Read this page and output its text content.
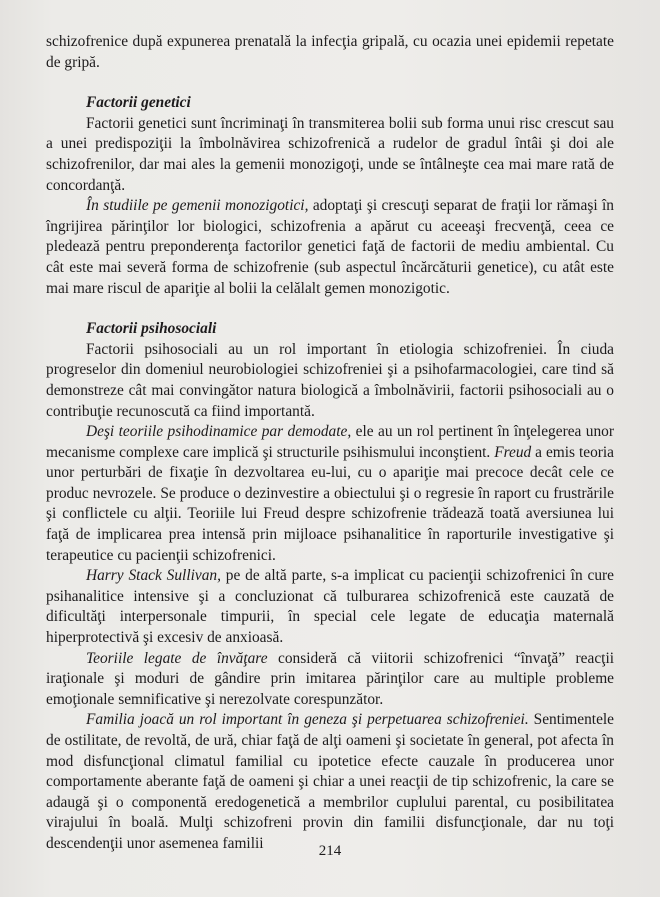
schizofrenice după expunerea prenatală la infecţia gripală, cu ocazia unei epidemii repetate de gripă.

Factorii genetici

Factorii genetici sunt încriminaţi în transmiterea bolii sub forma unui risc crescut sau a unei predispoziţii la îmbolnăvirea schizofrenică a rudelor de gradul întâi şi doi ale schizofrenilor, dar mai ales la gemenii monozigoţi, unde se întâlneşte cea mai mare rată de concordanţă.

În studiile pe gemenii monozigotici, adoptaţi şi crescuţi separat de fraţii lor rămaşi în îngrijirea părinţilor lor biologici, schizofrenia a apărut cu aceeaşi frecvenţă, ceea ce pledează pentru preponderenţa factorilor genetici faţă de factorii de mediu ambiental. Cu cât este mai severă forma de schizofrenie (sub aspectul încărcăturii genetice), cu atât este mai mare riscul de apariţie al bolii la celălalt gemen monozigotic.

Factorii psihosociali

Factorii psihosociali au un rol important în etiologia schizofreniei. În ciuda progreselor din domeniul neurobiologiei schizofreniei şi a psihofarmacologiei, care tind să demonstreze cât mai convingător natura biologică a îmbolnăvirii, factorii psihosociali au o contribuţie recunoscută ca fiind importantă.

Deşi teoriile psihodinamice par demodate, ele au un rol pertinent în înţelegerea unor mecanisme complexe care implică şi structurile psihismului inconştient. Freud a emis teoria unor perturbări de fixaţie în dezvoltarea eu-lui, cu o apariţie mai precoce decât cele ce produc nevrozele. Se produce o dezinvestire a obiectului şi o regresie în raport cu frustrările şi conflictele cu alţii. Teoriile lui Freud despre schizofrenie trădează toată aversiunea lui faţă de implicarea prea intensă prin mijloace psihanalitice în raporturile investigative şi terapeutice cu pacienţii schizofrenici.

Harry Stack Sullivan, pe de altă parte, s-a implicat cu pacienţii schizofrenici în cure psihanalitice intensive şi a concluzionat că tulburarea schizofrenică este cauzată de dificultăţi interpersonale timpurii, în special cele legate de educaţia maternală hiperprotectivă şi excesiv de anxioasă.

Teoriile legate de învăţare consideră că viitorii schizofrenici “învaţă” reacţii iraţionale şi moduri de gândire prin imitarea părinţilor care au multiple probleme emoţionale semnificative şi nerezolvate corespunzător.

Familia joacă un rol important în geneza şi perpetuarea schizofreniei. Sentimentele de ostilitate, de revoltă, de ură, chiar faţă de alţi oameni şi societate în general, pot afecta în mod disfuncţional climatul familial cu ipotetice efecte cauzale în producerea unor comportamente aberante faţă de oameni şi chiar a unei reacţii de tip schizofrenic, la care se adaugă şi o componentă eredogenetică a membrilor cuplului parental, cu posibilitatea virajului în boală. Mulţi schizofreni provin din familii disfuncţionale, dar nu toţi descendenţii unor asemenea familii	214
